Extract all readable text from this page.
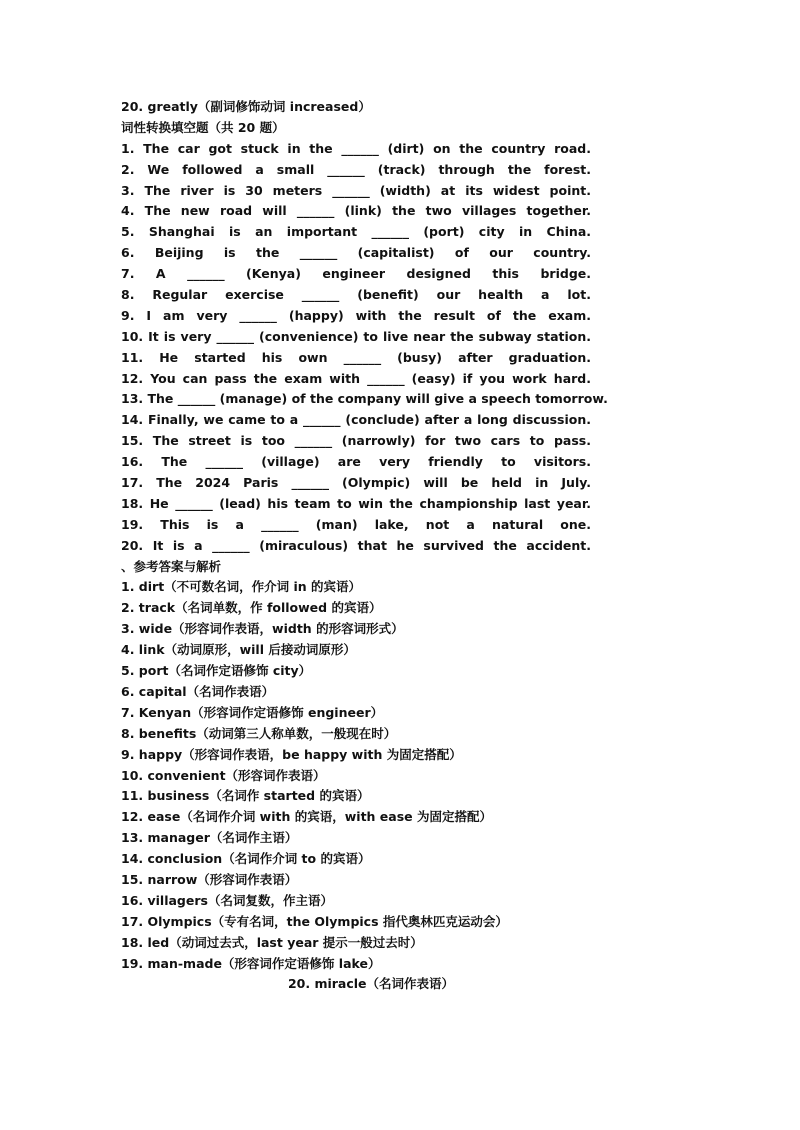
20. greatly（副词修饰动词 increased）
词性转换填空题（共 20 题）
1. The car got stuck in the ______ (dirt) on the country road.
2. We followed a small ______ (track) through the forest.
3. The river is 30 meters ______ (width) at its widest point.
4. The new road will ______ (link) the two villages together.
5. Shanghai is an important ______ (port) city in China.
6. Beijing is the ______ (capitalist) of our country.
7. A ______ (Kenya) engineer designed this bridge.
8. Regular exercise ______ (benefit) our health a lot.
9. I am very ______ (happy) with the result of the exam.
10. It is very ______ (convenience) to live near the subway station.
11. He started his own ______ (busy) after graduation.
12. You can pass the exam with ______ (easy) if you work hard.
13. The ______ (manage) of the company will give a speech tomorrow.
14. Finally, we came to a ______ (conclude) after a long discussion.
15. The street is too ______ (narrowly) for two cars to pass.
16. The ______ (village) are very friendly to visitors.
17. The 2024 Paris ______ (Olympic) will be held in July.
18. He ______ (lead) his team to win the championship last year.
19. This is a ______ (man) lake, not a natural one.
20. It is a ______ (miraculous) that he survived the accident.
、参考答案与解析
1. dirt（不可数名词，作介词 in 的宾语）
2. track（名词单数，作 followed 的宾语）
3. wide（形容词作表语，width 的形容词形式）
4. link（动词原形，will 后接动词原形）
5. port（名词作定语修饰 city）
6. capital（名词作表语）
7. Kenyan（形容词作定语修饰 engineer）
8. benefits（动词第三人称单数，一般现在时）
9. happy（形容词作表语，be happy with 为固定搭配）
10. convenient（形容词作表语）
11. business（名词作 started 的宾语）
12. ease（名词作介词 with 的宾语，with ease 为固定搭配）
13. manager（名词作主语）
14. conclusion（名词作介词 to 的宾语）
15. narrow（形容词作表语）
16. villagers（名词复数，作主语）
17. Olympics（专有名词，the Olympics 指代奥林匹克运动会）
18. led（动词过去式，last year 提示一般过去时）
19. man-made（形容词作定语修饰 lake）
20. miracle（名词作表语）
